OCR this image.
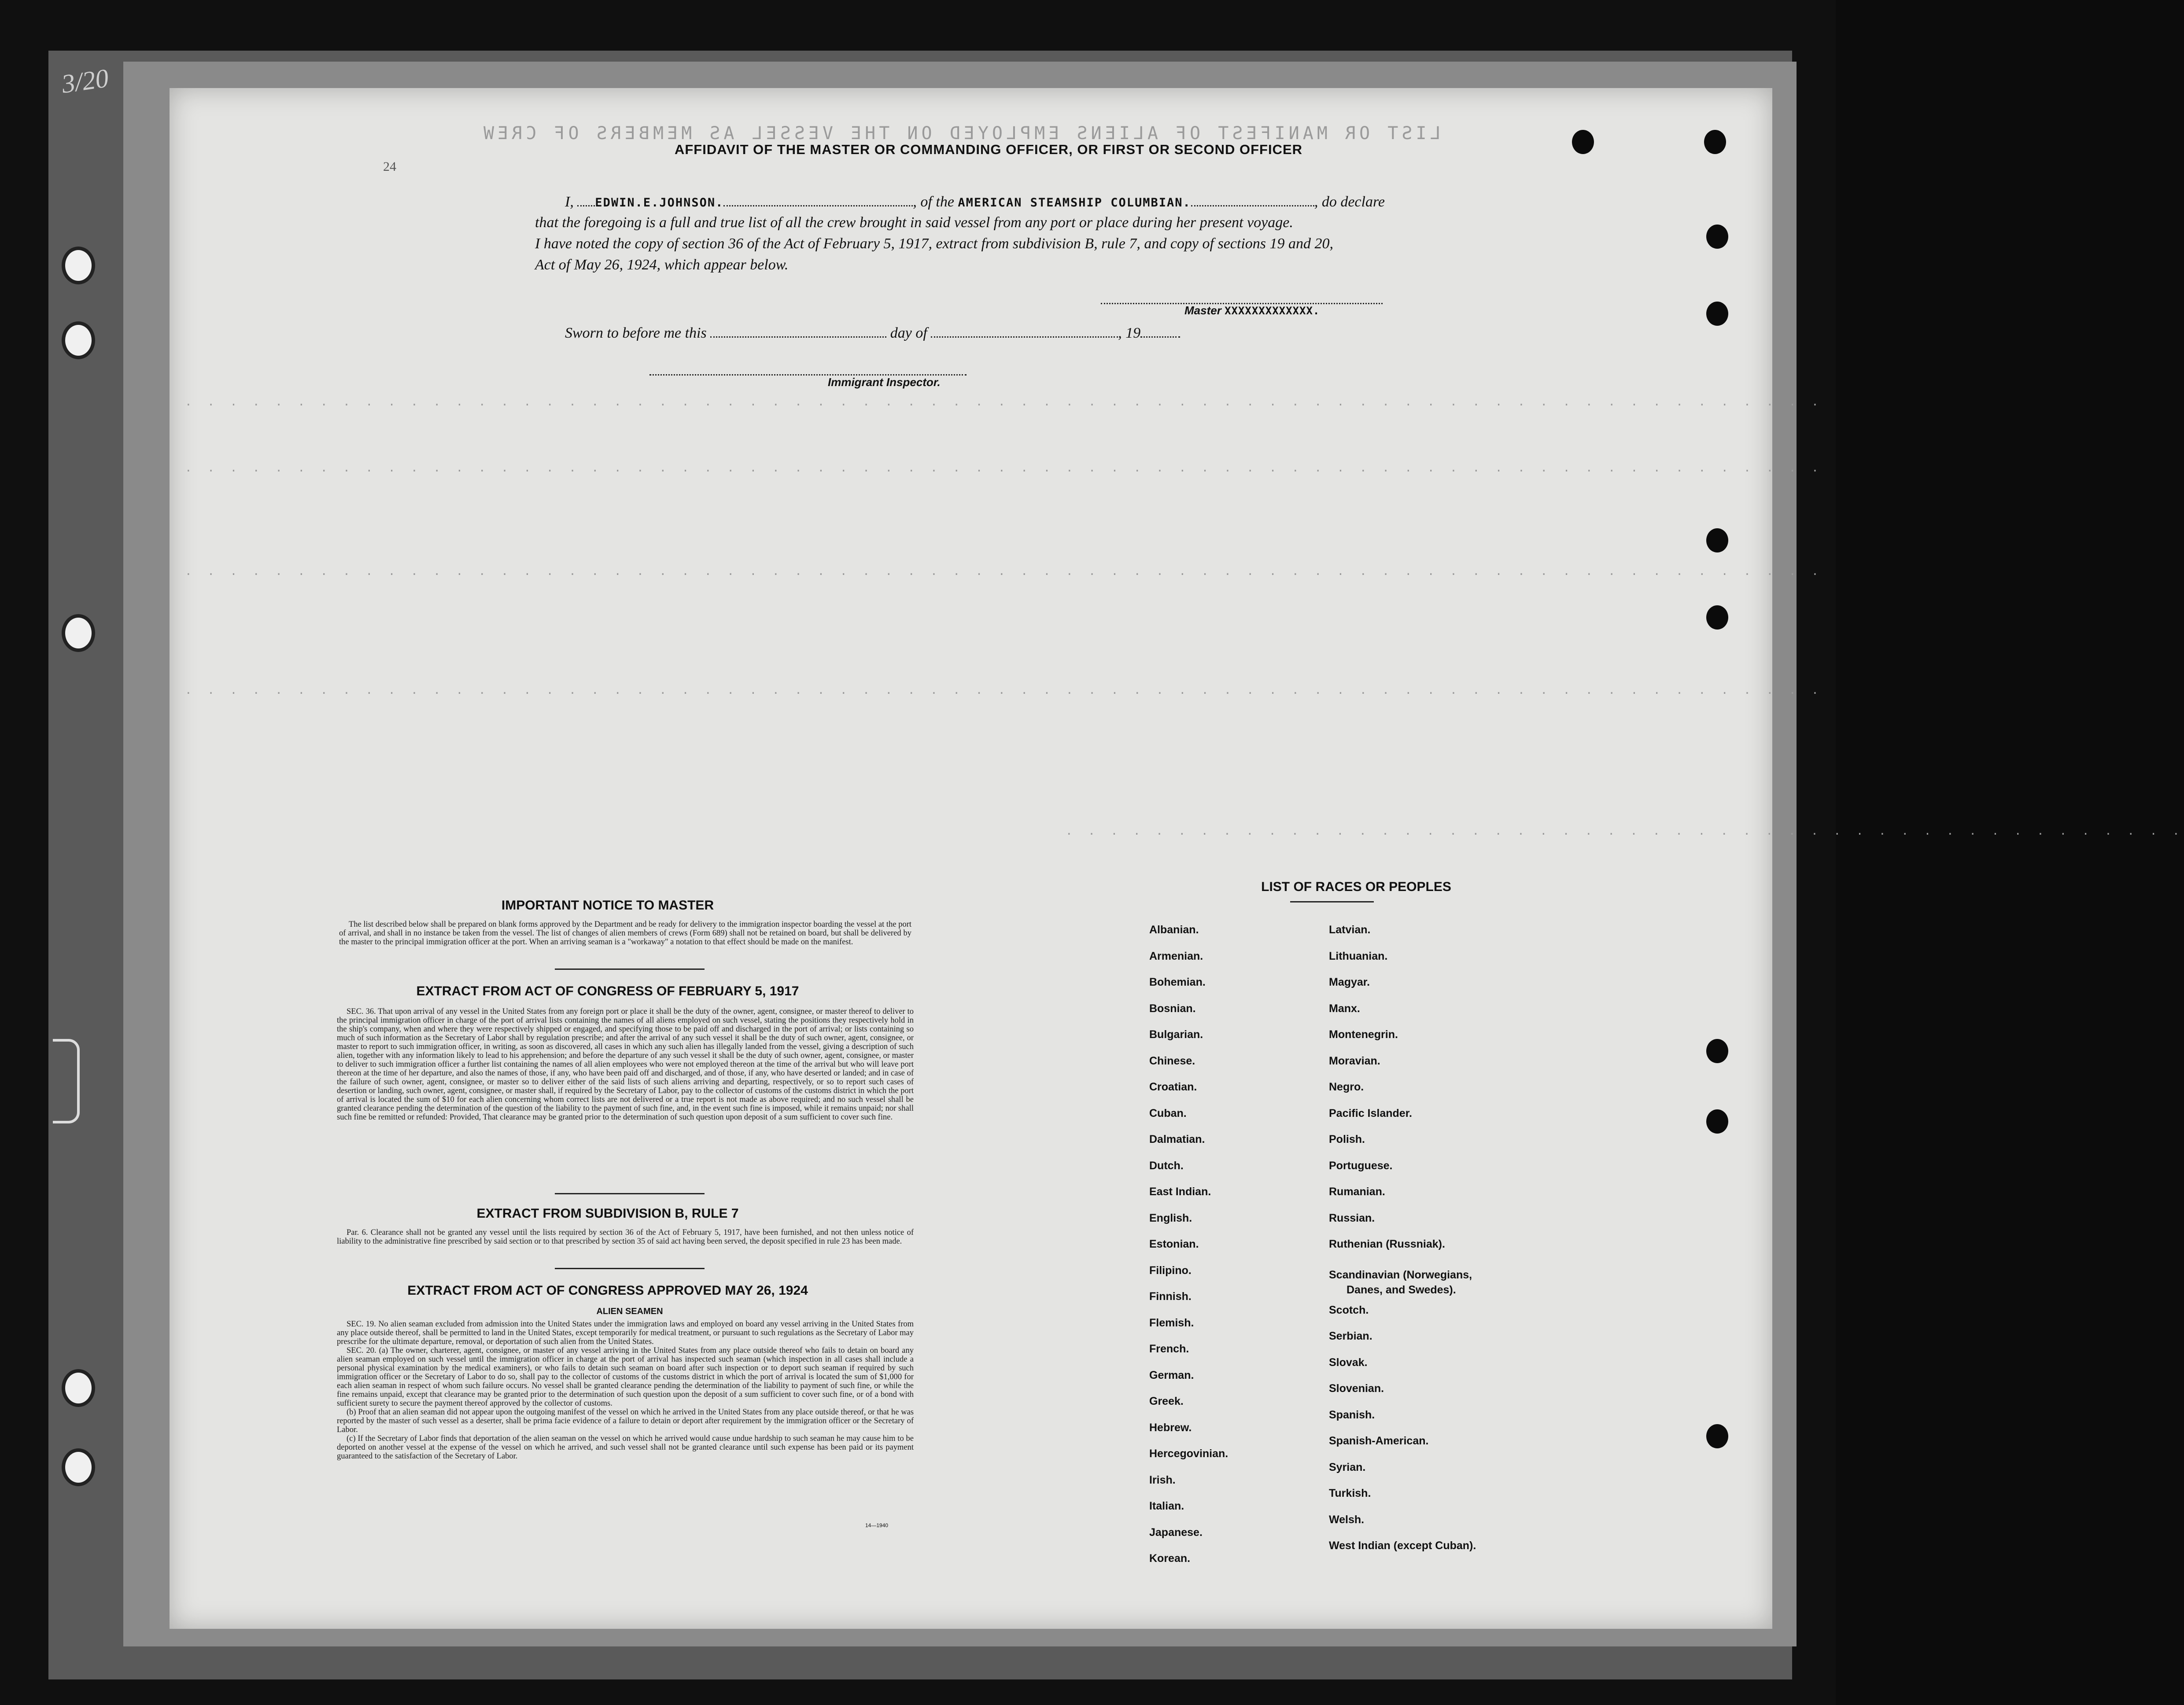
3/20
LIST OR MANIFEST OF ALIENS EMPLOYED ON THE VESSEL AS MEMBERS OF CREW
AFFIDAVIT OF THE MASTER OR COMMANDING OFFICER, OR FIRST OR SECOND OFFICER
24
I, EDWIN.E.JOHNSON.	, of the AMERICAN STEAMSHIP COLUMBIAN.	, do declare
that the foregoing is a full and true list of all the crew brought in said vessel from any port or place during her present voyage.
I have noted the copy of section 36 of the Act of February 5, 1917, extract from subdivision B, rule 7, and copy of sections 19 and 20,
Act of May 26, 1924, which appear below.
Master XXXXXXXXXXXXX.
Sworn to before me this	day of	, 19
Immigrant Inspector.
· · · · · · · · · · · · · · · · · · · · · · · · · · · · · · · · · · · · · · · · · · · · · · · · · · · · · · · · · · · · · · · · · · · · · · · · ·
· · · · · · · · · · · · · · · · · · · · · · · · · · · · · · · · · · · · · · · · · · · · · · · · · · · · · · · · · · · · · · · · · · · · · · · · ·
· · · · · · · · · · · · · · · · · · · · · · · · · · · · · · · · · · · · · · · · · · · · · · · · · · · · · · · · · · · · · · · · · · · · · · · · ·
· · · · · · · · · · · · · · · · · · · · · · · · · · · · · · · · · · · · · · · · · · · · · · · · · · · · · · · · · · · · · · · · · · · · · · · · ·
· · · · · · · · · · · · · · · · · · · · · · · · · · · · · · · · · · · · · · · · · · · · · · · · · ·
IMPORTANT NOTICE TO MASTER

The list described below shall be prepared on blank forms approved by the Department and be ready for delivery to the immigration inspector boarding the vessel at the port of arrival, and shall in no instance be taken from the vessel. The list of changes of alien members of crews (Form 689) shall not be retained on board, but shall be delivered by the master to the principal immigration officer at the port. When an arriving seaman is a "workaway" a notation to that effect should be made on the manifest.

EXTRACT FROM ACT OF CONGRESS OF FEBRUARY 5, 1917

SEC. 36. That upon arrival of any vessel in the United States from any foreign port or place it shall be the duty of the owner, agent, consignee, or master thereof to deliver to the principal immigration officer in charge of the port of arrival lists containing the names of all aliens employed on such vessel, stating the positions they respectively hold in the ship's company, when and where they were respectively shipped or engaged, and specifying those to be paid off and discharged in the port of arrival; or lists containing so much of such information as the Secretary of Labor shall by regulation prescribe; and after the arrival of any such vessel it shall be the duty of such owner, agent, consignee, or master to report to such immigration officer, in writing, as soon as discovered, all cases in which any such alien has illegally landed from the vessel, giving a description of such alien, together with any information likely to lead to his apprehension; and before the departure of any such vessel it shall be the duty of such owner, agent, consignee, or master to deliver to such immigration officer a further list containing the names of all alien employees who were not employed thereon at the time of the arrival but who will leave port thereon at the time of her departure, and also the names of those, if any, who have been paid off and discharged, and of those, if any, who have deserted or landed; and in case of the failure of such owner, agent, consignee, or master so to deliver either of the said lists of such aliens arriving and departing, respectively, or so to report such cases of desertion or landing, such owner, agent, consignee, or master shall, if required by the Secretary of Labor, pay to the collector of customs of the customs district in which the port of arrival is located the sum of $10 for each alien concerning whom correct lists are not delivered or a true report is not made as above required; and no such vessel shall be granted clearance pending the determination of the question of the liability to the payment of such fine, and, in the event such fine is imposed, while it remains unpaid; nor shall such fine be remitted or refunded: Provided, That clearance may be granted prior to the determination of such question upon deposit of a sum sufficient to cover such fine.

EXTRACT FROM SUBDIVISION B, RULE 7

Par. 6. Clearance shall not be granted any vessel until the lists required by section 36 of the Act of February 5, 1917, have been furnished, and not then unless notice of liability to the administrative fine prescribed by said section or to that prescribed by section 35 of said act having been served, the deposit specified in rule 23 has been made.

EXTRACT FROM ACT OF CONGRESS APPROVED MAY 26, 1924
ALIEN SEAMEN

SEC. 19. No alien seaman excluded from admission into the United States under the immigration laws and employed on board any vessel arriving in the United States from any place outside thereof, shall be permitted to land in the United States, except temporarily for medical treatment, or pursuant to such regulations as the Secretary of Labor may prescribe for the ultimate departure, removal, or deportation of such alien from the United States.

SEC. 20. (a) The owner, charterer, agent, consignee, or master of any vessel arriving in the United States from any place outside thereof who fails to detain on board any alien seaman employed on such vessel until the immigration officer in charge at the port of arrival has inspected such seaman (which inspection in all cases shall include a personal physical examination by the medical examiners), or who fails to detain such seaman on board after such inspection or to deport such seaman if required by such immigration officer or the Secretary of Labor to do so, shall pay to the collector of customs of the customs district in which the port of arrival is located the sum of $1,000 for each alien seaman in respect of whom such failure occurs. No vessel shall be granted clearance pending the determination of the liability to payment of such fine, or while the fine remains unpaid, except that clearance may be granted prior to the determination of such question upon the deposit of a sum sufficient to cover such fine, or of a bond with sufficient surety to secure the payment thereof approved by the collector of customs.

(b) Proof that an alien seaman did not appear upon the outgoing manifest of the vessel on which he arrived in the United States from any place outside thereof, or that he was reported by the master of such vessel as a deserter, shall be prima facie evidence of a failure to detain or deport after requirement by the immigration officer or the Secretary of Labor.

(c) If the Secretary of Labor finds that deportation of the alien seaman on the vessel on which he arrived would cause undue hardship to such seaman he may cause him to be deported on another vessel at the expense of the vessel on which he arrived, and such vessel shall not be granted clearance until such expense has been paid or its payment guaranteed to the satisfaction of the Secretary of Labor.

14—1940
LIST OF RACES OR PEOPLES
Albanian.
Armenian.
Bohemian.
Bosnian.
Bulgarian.
Chinese.
Croatian.
Cuban.
Dalmatian.
Dutch.
East Indian.
English.
Estonian.
Filipino.
Finnish.
Flemish.
French.
German.
Greek.
Hebrew.
Hercegovinian.
Irish.
Italian.
Japanese.
Korean.
Latvian.
Lithuanian.
Magyar.
Manx.
Montenegrin.
Moravian.
Negro.
Pacific Islander.
Polish.
Portuguese.
Rumanian.
Russian.
Ruthenian (Russniak).
Scandinavian (Norwegians,
Danes, and Swedes).
Scotch.
Serbian.
Slovak.
Slovenian.
Spanish.
Spanish-American.
Syrian.
Turkish.
Welsh.
West Indian (except Cuban).
